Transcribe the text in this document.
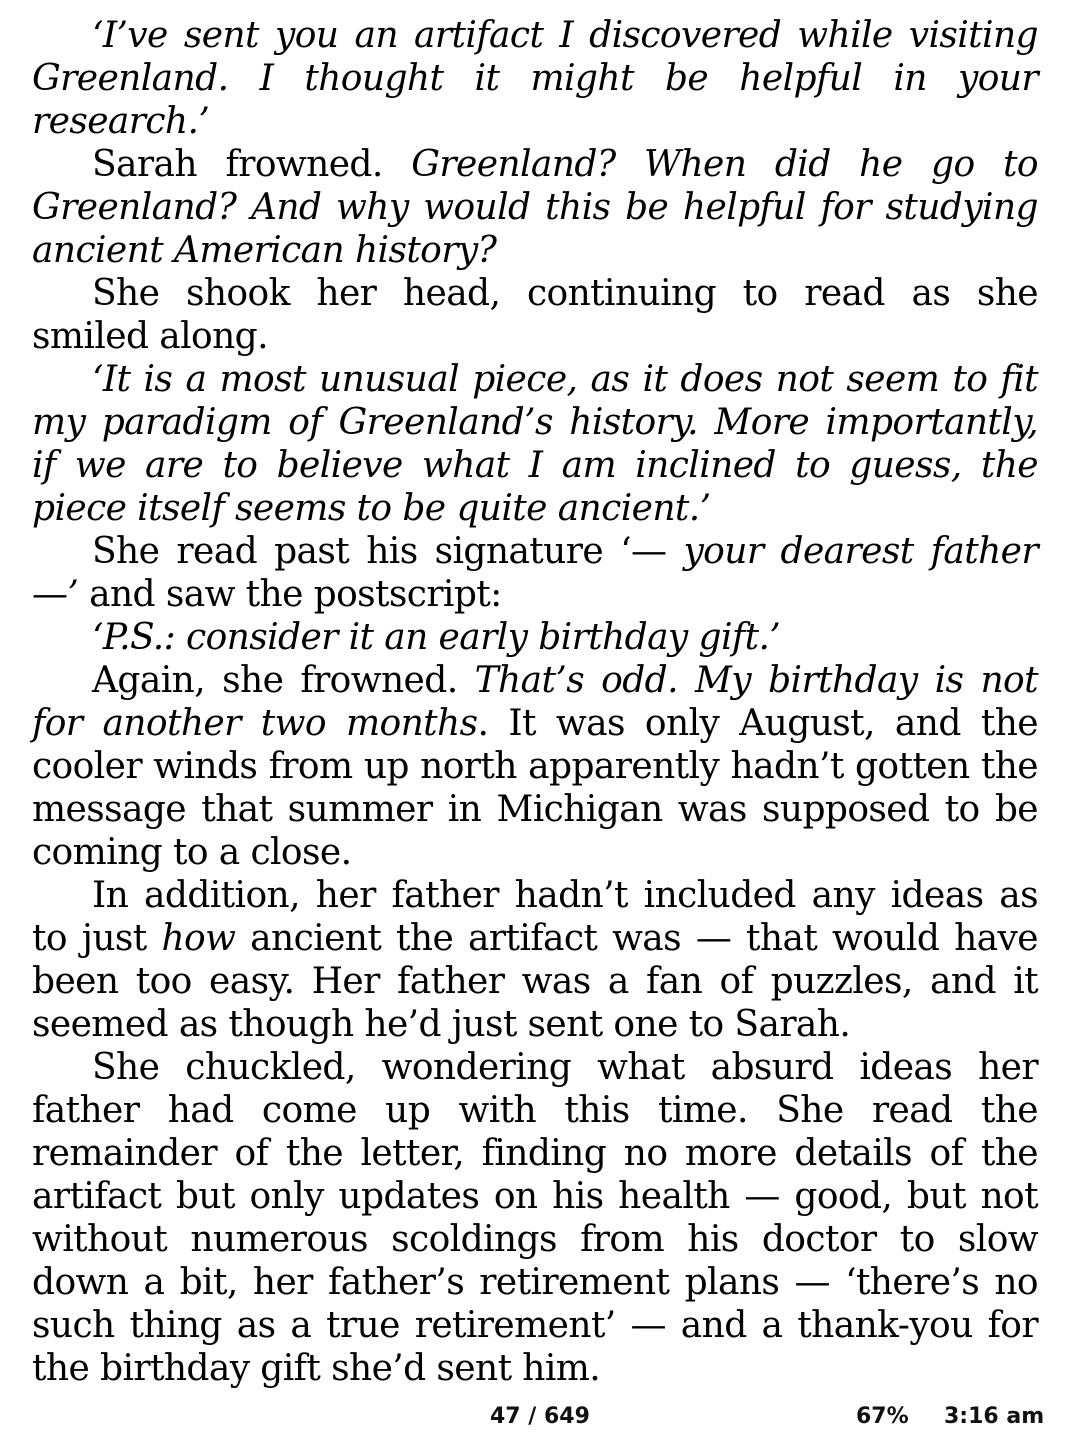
‘I’ve sent you an artifact I discovered while visiting Greenland. I thought it might be helpful in your research.’

Sarah frowned. Greenland? When did he go to Greenland? And why would this be helpful for studying ancient American history?

She shook her head, continuing to read as she smiled along.

‘It is a most unusual piece, as it does not seem to fit my paradigm of Greenland’s history. More importantly, if we are to believe what I am inclined to guess, the piece itself seems to be quite ancient.’

She read past his signature ‘— your dearest father —’ and saw the postscript:

‘P.S.: consider it an early birthday gift.’

Again, she frowned. That’s odd. My birthday is not for another two months. It was only August, and the cooler winds from up north apparently hadn’t gotten the message that summer in Michigan was supposed to be coming to a close.

In addition, her father hadn’t included any ideas as to just how ancient the artifact was — that would have been too easy. Her father was a fan of puzzles, and it seemed as though he’d just sent one to Sarah.

She chuckled, wondering what absurd ideas her father had come up with this time. She read the remainder of the letter, finding no more details of the artifact but only updates on his health — good, but not without numerous scoldings from his doctor to slow down a bit, her father’s retirement plans — ‘there’s no such thing as a true retirement’ — and a thank-you for the birthday gift she’d sent him.

47 / 649	67% 3:16 am
